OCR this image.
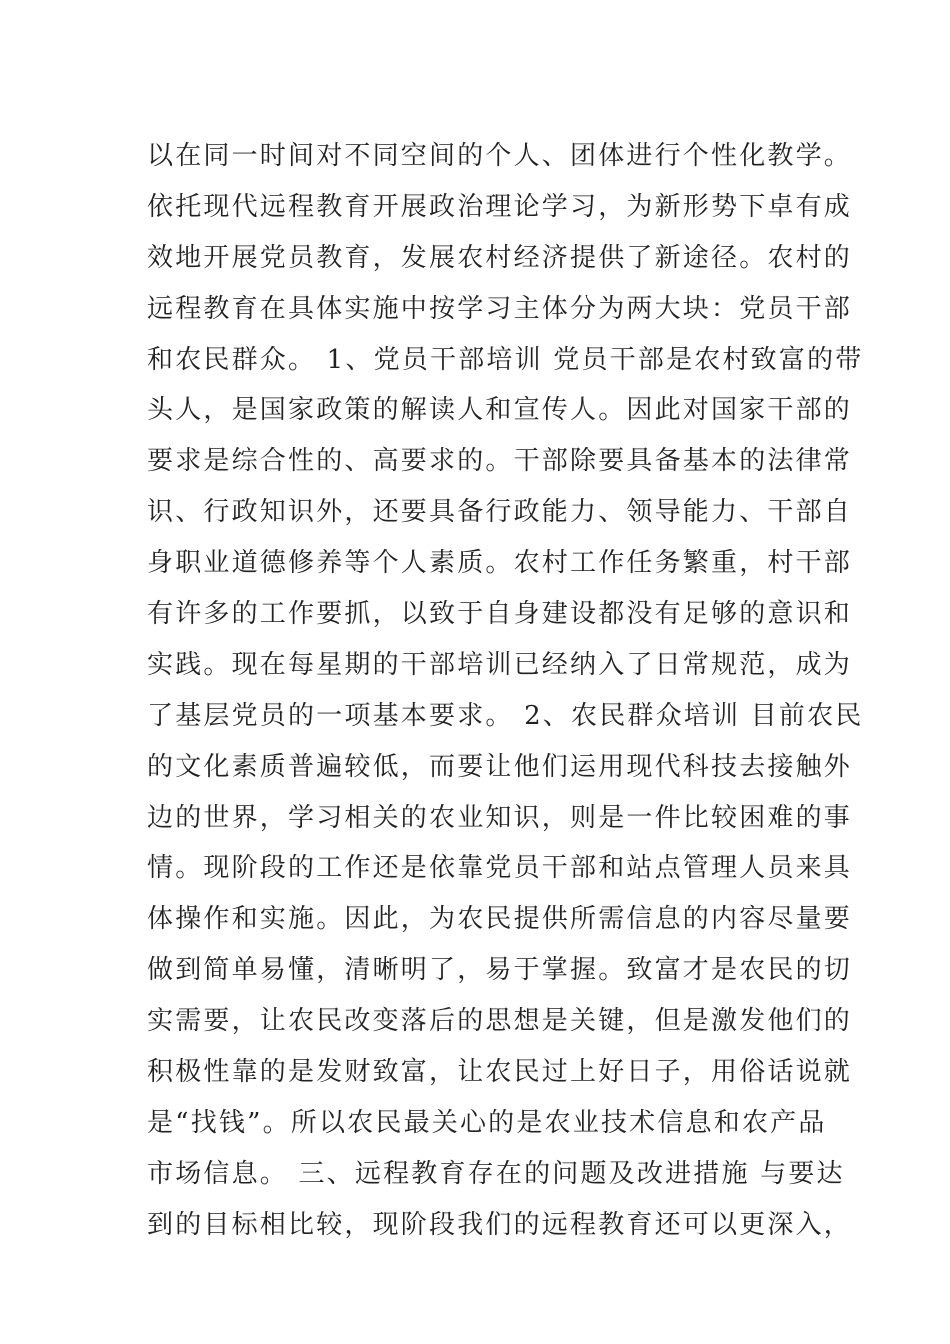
以在同一时间对不同空间的个人、团体进行个性化教学。
依托现代远程教育开展政治理论学习，为新形势下卓有成
效地开展党员教育，发展农村经济提供了新途径。农村的
远程教育在具体实施中按学习主体分为两大块：党员干部
和农民群众。 1、党员干部培训 党员干部是农村致富的带
头人，是国家政策的解读人和宣传人。因此对国家干部的
要求是综合性的、高要求的。干部除要具备基本的法律常
识、行政知识外，还要具备行政能力、领导能力、干部自
身职业道德修养等个人素质。农村工作任务繁重，村干部
有许多的工作要抓，以致于自身建设都没有足够的意识和
实践。现在每星期的干部培训已经纳入了日常规范，成为
了基层党员的一项基本要求。 2、农民群众培训 目前农民
的文化素质普遍较低，而要让他们运用现代科技去接触外
边的世界，学习相关的农业知识，则是一件比较困难的事
情。现阶段的工作还是依靠党员干部和站点管理人员来具
体操作和实施。因此，为农民提供所需信息的内容尽量要
做到简单易懂，清晰明了，易于掌握。致富才是农民的切
实需要，让农民改变落后的思想是关键，但是激发他们的
积极性靠的是发财致富，让农民过上好日子，用俗话说就
是“找钱”。所以农民最关心的是农业技术信息和农产品
市场信息。 三、远程教育存在的问题及改进措施 与要达
到的目标相比较，现阶段我们的远程教育还可以更深入，
